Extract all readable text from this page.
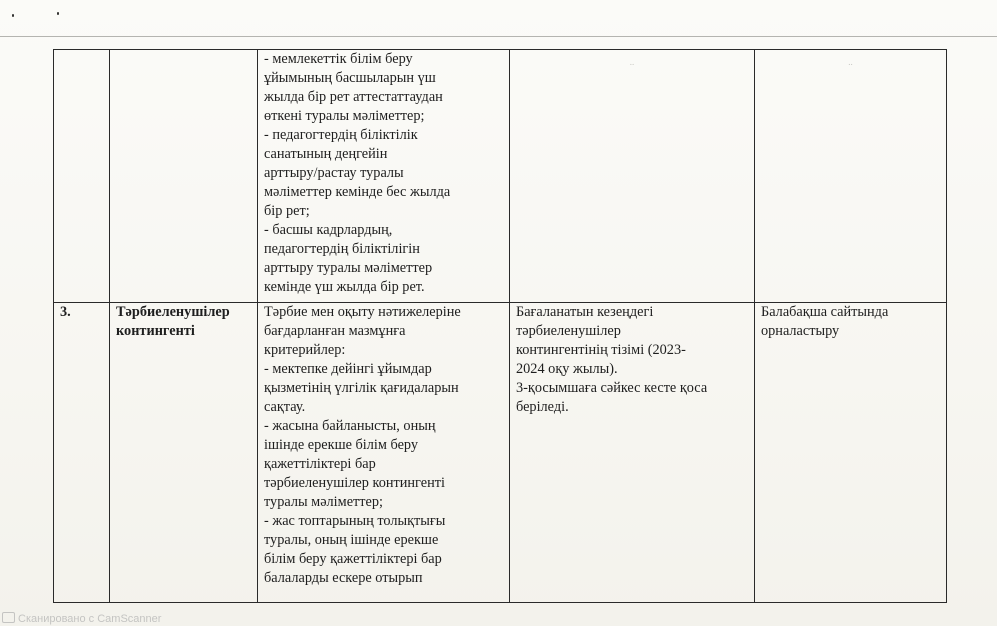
- мемлекеттік білім беру
ұйымының басшыларын үш
жылда бір рет аттестаттаудан
өткені туралы мәліметтер;
- педагогтердің біліктілік
санатының деңгейін
арттыру/растау туралы
мәліметтер кемінде бес жылда
бір рет;
- басшы кадрлардың,
педагогтердің біліктілігін
арттыру туралы мәліметтер
кемінде үш жылда бір рет.

..	..

3.	Тәрбиеленушілер
контингенті

Тәрбие мен оқыту нәтижелеріне
бағдарланған мазмұнға
критерийлер:
- мектепке дейінгі ұйымдар
қызметінің үлгілік қағидаларын
сақтау.
- жасына байланысты, оның
ішінде ерекше білім беру
қажеттіліктері бар
тәрбиеленушілер контингенті
туралы мәліметтер;
- жас топтарының толықтығы
туралы, оның ішінде ерекше
білім беру қажеттіліктері бар
балаларды ескере отырып

Бағаланатын кезеңдегі
тәрбиеленушілер
контингентінің тізімі (2023-
2024 оқу жылы).
3-қосымшаға сәйкес кесте қоса
беріледі.

Балабақша сайтында
орналастыру
Сканировано с CamScanner
